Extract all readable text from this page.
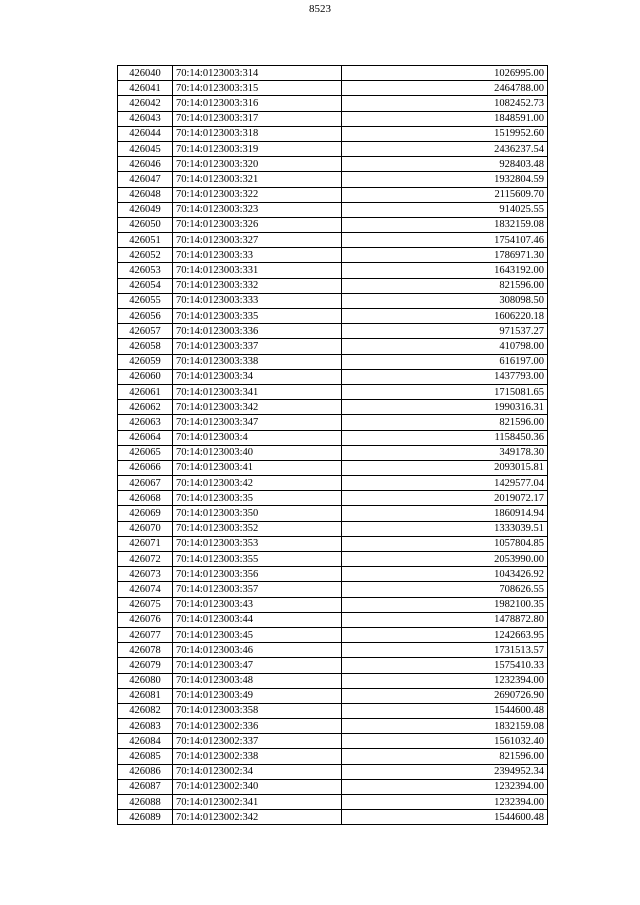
8523
426040	70:14:0123003:314	1026995.00
426041	70:14:0123003:315	2464788.00
426042	70:14:0123003:316	1082452.73
426043	70:14:0123003:317	1848591.00
426044	70:14:0123003:318	1519952.60
426045	70:14:0123003:319	2436237.54
426046	70:14:0123003:320	928403.48
426047	70:14:0123003:321	1932804.59
426048	70:14:0123003:322	2115609.70
426049	70:14:0123003:323	914025.55
426050	70:14:0123003:326	1832159.08
426051	70:14:0123003:327	1754107.46
426052	70:14:0123003:33	1786971.30
426053	70:14:0123003:331	1643192.00
426054	70:14:0123003:332	821596.00
426055	70:14:0123003:333	308098.50
426056	70:14:0123003:335	1606220.18
426057	70:14:0123003:336	971537.27
426058	70:14:0123003:337	410798.00
426059	70:14:0123003:338	616197.00
426060	70:14:0123003:34	1437793.00
426061	70:14:0123003:341	1715081.65
426062	70:14:0123003:342	1990316.31
426063	70:14:0123003:347	821596.00
426064	70:14:0123003:4	1158450.36
426065	70:14:0123003:40	349178.30
426066	70:14:0123003:41	2093015.81
426067	70:14:0123003:42	1429577.04
426068	70:14:0123003:35	2019072.17
426069	70:14:0123003:350	1860914.94
426070	70:14:0123003:352	1333039.51
426071	70:14:0123003:353	1057804.85
426072	70:14:0123003:355	2053990.00
426073	70:14:0123003:356	1043426.92
426074	70:14:0123003:357	708626.55
426075	70:14:0123003:43	1982100.35
426076	70:14:0123003:44	1478872.80
426077	70:14:0123003:45	1242663.95
426078	70:14:0123003:46	1731513.57
426079	70:14:0123003:47	1575410.33
426080	70:14:0123003:48	1232394.00
426081	70:14:0123003:49	2690726.90
426082	70:14:0123003:358	1544600.48
426083	70:14:0123002:336	1832159.08
426084	70:14:0123002:337	1561032.40
426085	70:14:0123002:338	821596.00
426086	70:14:0123002:34	2394952.34
426087	70:14:0123002:340	1232394.00
426088	70:14:0123002:341	1232394.00
426089	70:14:0123002:342	1544600.48
